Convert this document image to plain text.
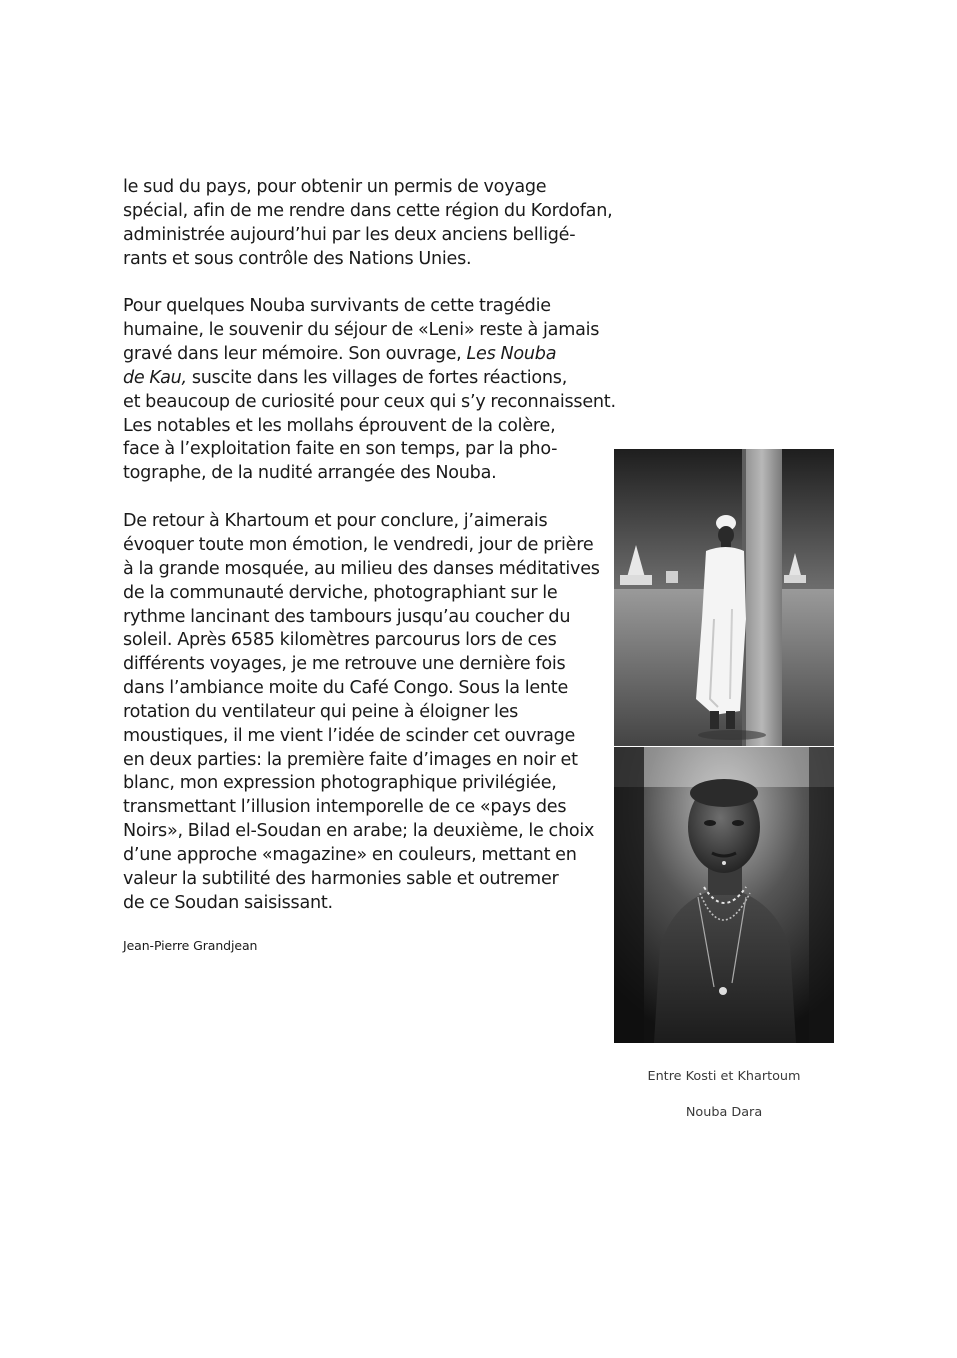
le sud du pays, pour obtenir un permis de voyage
spécial, afin de me rendre dans cette région du Kordofan,
administrée aujourd’hui par les deux anciens belligé-
rants et sous contrôle des Nations Unies.

Pour quelques Nouba survivants de cette tragédie
humaine, le souvenir du séjour de «Leni» reste à jamais
gravé dans leur mémoire. Son ouvrage, Les Nouba
de Kau, suscite dans les villages de fortes réactions,
et beaucoup de curiosité pour ceux qui s’y reconnaissent.
Les notables et les mollahs éprouvent de la colère,
face à l’exploitation faite en son temps, par la pho-
tographe, de la nudité arrangée des Nouba.

De retour à Khartoum et pour conclure, j’aimerais
évoquer toute mon émotion, le vendredi, jour de prière
à la grande mosquée, au milieu des danses méditatives
de la communauté derviche, photographiant sur le
rythme lancinant des tambours jusqu’au coucher du
soleil. Après 6585 kilomètres parcourus lors de ces
différents voyages, je me retrouve une dernière fois
dans l’ambiance moite du Café Congo. Sous la lente
rotation du ventilateur qui peine à éloigner les
moustiques, il me vient l’idée de scinder cet ouvrage
en deux parties: la première faite d’images en noir et
blanc, mon expression photographique privilégiée,
transmettant l’illusion intemporelle de ce «pays des
Noirs», Bilad el-Soudan en arabe; la deuxième, le choix
d’une approche «magazine» en couleurs, mettant en
valeur la subtilité des harmonies sable et outremer
de ce Soudan saisissant.

Jean-Pierre Grandjean
Entre Kosti et Khartoum
Nouba Dara
